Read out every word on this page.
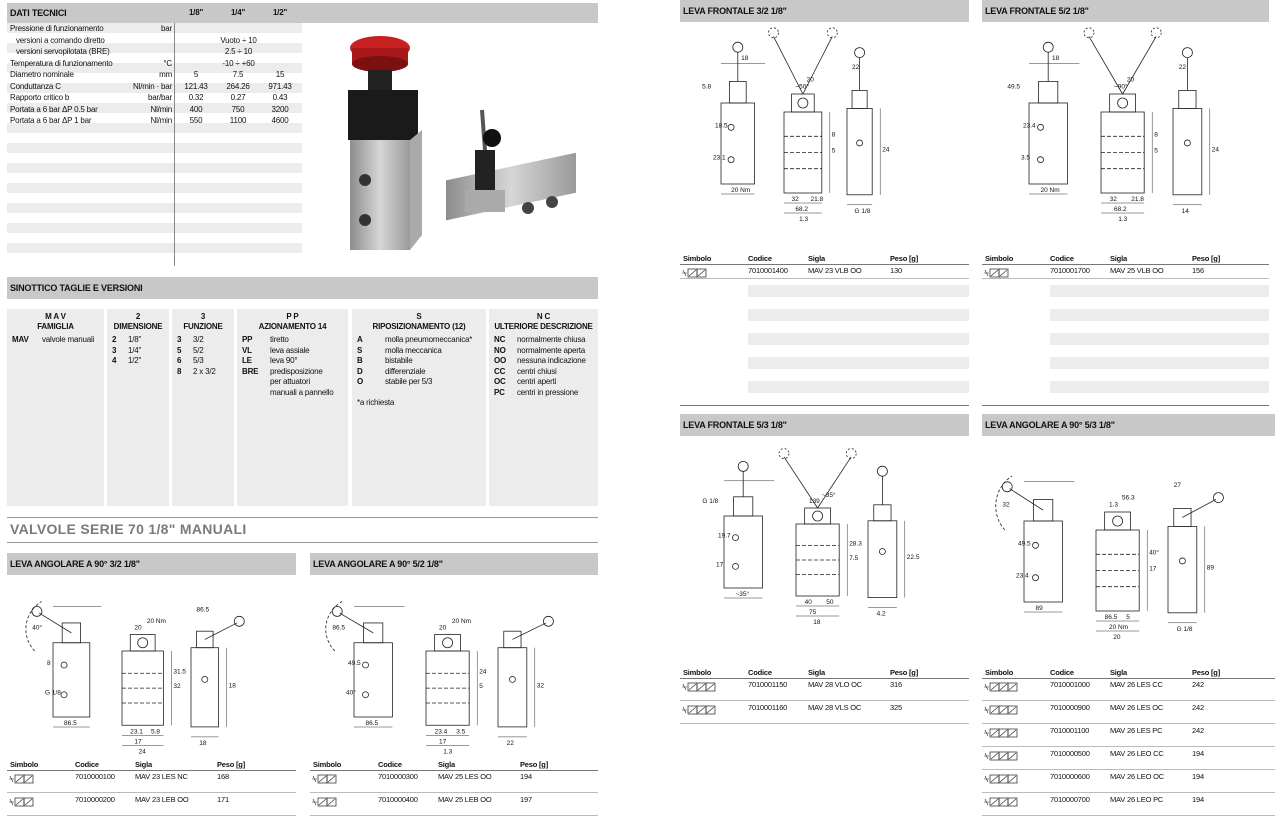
DATI TECNICI	1/8"	1/4"	1/2"
Pressione di funzionamento	bar
versioni a comando diretto	Vuoto ÷ 10
versioni servopilotata (BRE)	2.5 ÷ 10
Temperatura di funzionamento	°C	-10 ÷ +60
Diametro nominale	mm	5	7.5	15
Conduttanza C	Nl/min · bar	121.43	264.26	971.43
Rapporto critico b	bar/bar	0.32	0.27	0.43
Portata a 6 bar ΔP 0.5 bar	Nl/min	400	750	3200
Portata a 6 bar ΔP 1 bar	Nl/min	550	1100	4600
SINOTTICO TAGLIE E VERSIONI
M A V
FAMIGLIA
MAV valvole manuali
2
DIMENSIONE
2 1/8"
3 1/4"
4 1/2"
3
FUNZIONE
3 3/2
5 5/2
6 5/3
8 2 x 3/2
P P
AZIONAMENTO 14
PP tiretto
VL leva assiale
LE leva 90°
BRE predisposizione
per attuatori
manuali a pannello
S
RIPOSIZIONAMENTO (12)
A	molla pneumomeccanica*
S	molla meccanica
B	bistabile
D	differenziale
O	stabile per 5/3
*a richiesta
N C
ULTERIORE DESCRIZIONE
NC normalmente chiusa
NO normalmente aperta
OO nessuna indicazione
CC centri chiusi
OC centri aperti
PC centri in pressione
VALVOLE SERIE 70 1/8" MANUALI
LEVA ANGOLARE A 90° 3/2 1/8"
86.5
20 Nm
20
17
24
32
31.5
18
23.1 5.8
8
G 1/8
40°
18
86.5
Simbolo	Codice	Sigla	Peso [g]
7010000100	MAV 23 LES NC	168
7010000200	MAV 23 LEB OO	171
LEVA ANGOLARE A 90° 5/2 1/8"
86.5
20 Nm
20
17
1.3
5
24
32
23.4 3.5
49.5
40°
86.5
22
Simbolo	Codice	Sigla	Peso [g]
7010000300	MAV 25 LES OO	194
7010000400	MAV 25 LEB OO	197
LEVA FRONTALE 3/2 1/8"
20 Nm
20
~50°
68.2
1.3
5
8
24
32 21.8
18.5
23.1
5.8
G 1/8
22
18
Simbolo	Codice	Sigla	Peso [g]
7010001400	MAV 23 VLB OO	130
LEVA FRONTALE 5/2 1/8"
20 Nm
20
~90°
68.2
1.3
5
8
24
32 21.8
23.4
3.5
49.5
14
22
18
Simbolo	Codice	Sigla	Peso [g]
7010001700	MAV 25 VLB OO	156
LEVA FRONTALE 5/3 1/8"
~35°
~35°
139
75
18
7.5
28.3
22.5
40 50
19.7
17
G 1/8
4.2
Simbolo	Codice	Sigla	Peso [g]
7010001150	MAV 28 VLO OC	316
7010001160	MAV 28 VLS OC	325
LEVA ANGOLARE A 90° 5/3 1/8"
89
56.3
1.3
20 Nm
20
17
40°
89
86.5 5
49.5
23.4
32
G 1/8
27
Simbolo	Codice	Sigla	Peso [g]
7010001000	MAV 26 LES CC	242
7010000900	MAV 26 LES OC	242
7010001100	MAV 26 LES PC	242
7010000500	MAV 26 LEO CC	194
7010000600	MAV 26 LEO OC	194
7010000700	MAV 26 LEO PC	194
